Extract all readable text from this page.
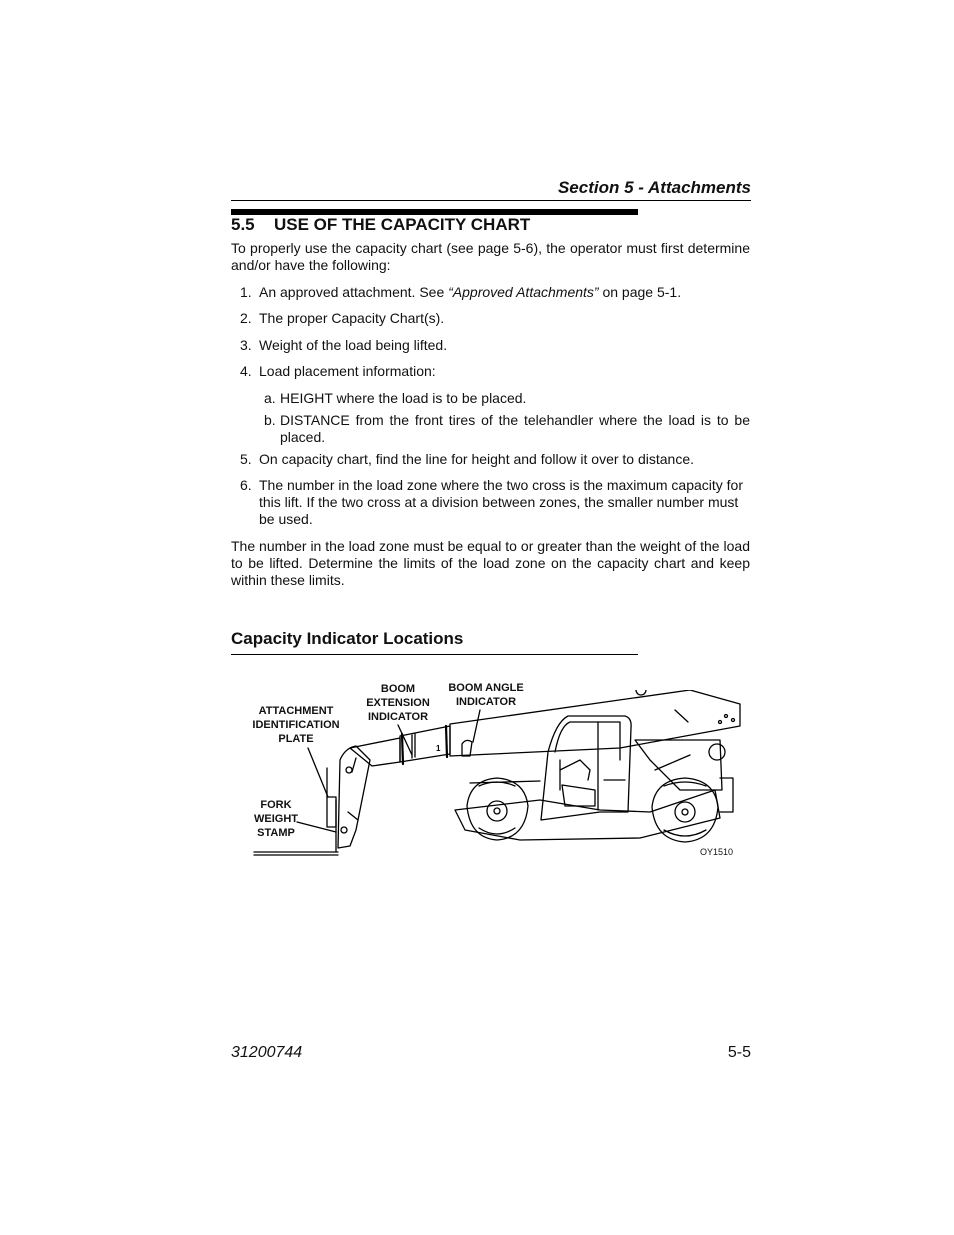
Section 5 - Attachments
5.5 USE OF THE CAPACITY CHART
To properly use the capacity chart (see page 5-6), the operator must first determine and/or have the following:
1. An approved attachment. See “Approved Attachments” on page 5-1.
2. The proper Capacity Chart(s).
3. Weight of the load being lifted.
4. Load placement information:
a. HEIGHT where the load is to be placed.
b. DISTANCE from the front tires of the telehandler where the load is to be placed.
5. On capacity chart, find the line for height and follow it over to distance.
6. The number in the load zone where the two cross is the maximum capacity for this lift. If the two cross at a division between zones, the smaller number must be used.
The number in the load zone must be equal to or greater than the weight of the load to be lifted. Determine the limits of the load zone on the capacity chart and keep within these limits.
Capacity Indicator Locations
ATTACHMENT
IDENTIFICATION
PLATE
BOOM
EXTENSION
INDICATOR
BOOM ANGLE
INDICATOR
FORK
WEIGHT
STAMP
1
OY1510
31200744	5-5
